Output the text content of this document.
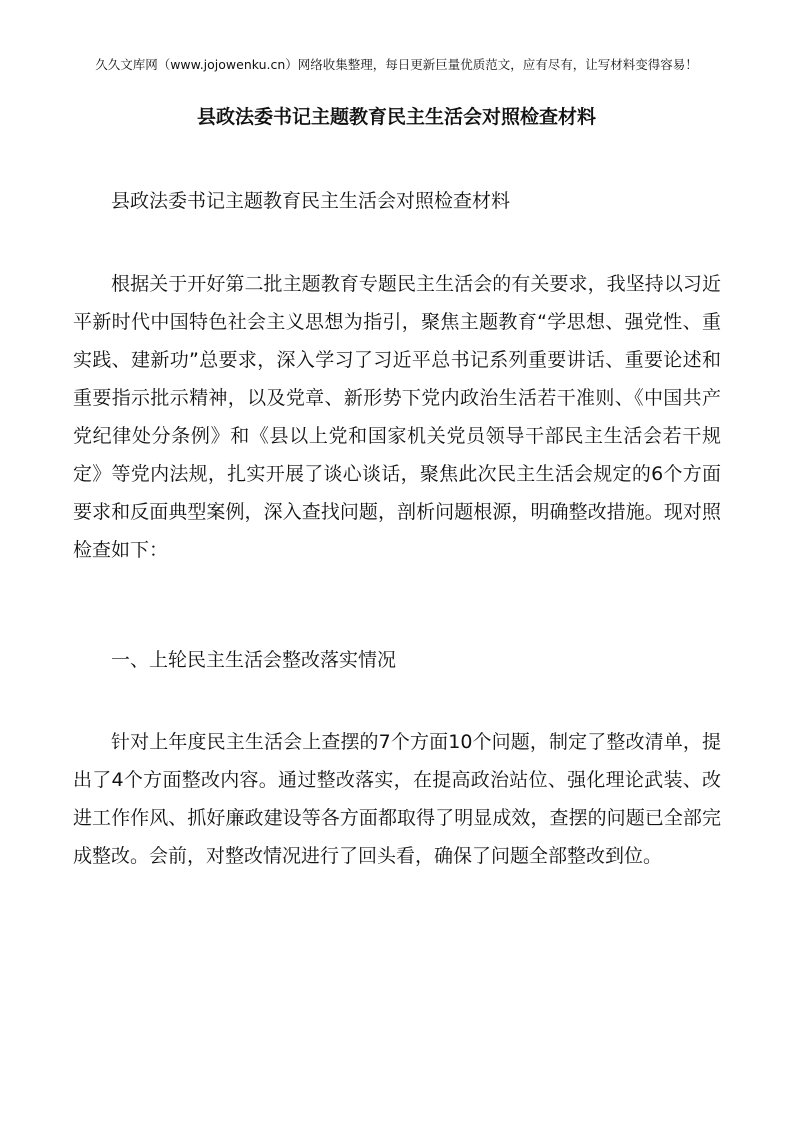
久久文库网（www.jojowenku.cn）网络收集整理，每日更新巨量优质范文，应有尽有，让写材料变得容易！
县政法委书记主题教育民主生活会对照检查材料

县政法委书记主题教育民主生活会对照检查材料

根据关于开好第二批主题教育专题民主生活会的有关要求，我坚持以习近平新时代中国特色社会主义思想为指引，聚焦主题教育“学思想、强党性、重实践、建新功”总要求，深入学习了习近平总书记系列重要讲话、重要论述和重要指示批示精神，以及党章、新形势下党内政治生活若干准则、《中国共产党纪律处分条例》和《县以上党和国家机关党员领导干部民主生活会若干规定》等党内法规，扎实开展了谈心谈话，聚焦此次民主生活会规定的6个方面要求和反面典型案例，深入查找问题，剖析问题根源，明确整改措施。现对照检查如下：

一、上轮民主生活会整改落实情况

针对上年度民主生活会上查摆的7个方面10个问题，制定了整改清单，提出了4个方面整改内容。通过整改落实，在提高政治站位、强化理论武装、改进工作作风、抓好廉政建设等各方面都取得了明显成效，查摆的问题已全部完成整改。会前，对整改情况进行了回头看，确保了问题全部整改到位。
